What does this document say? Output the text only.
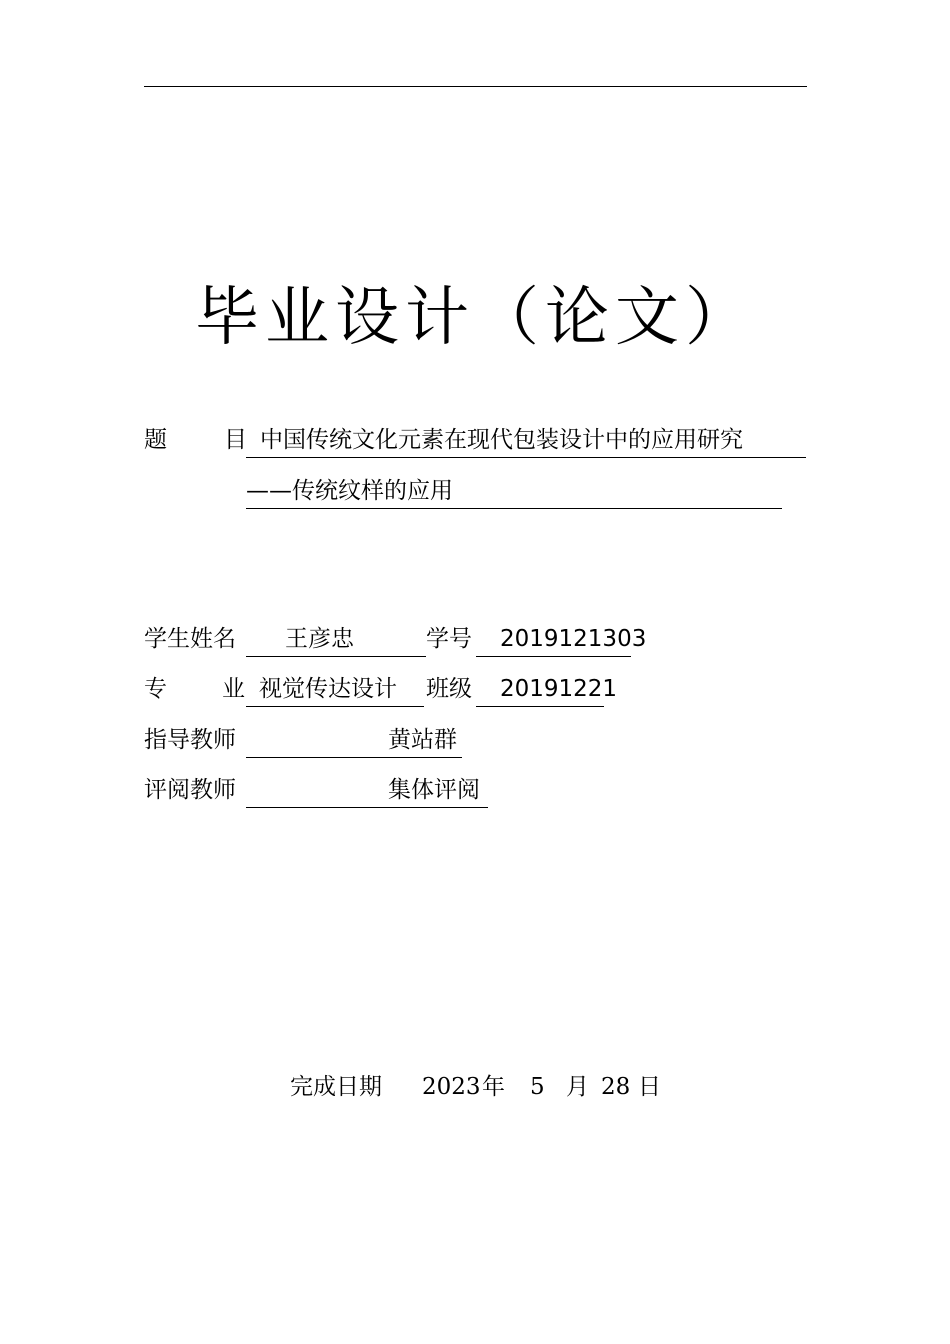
毕业设计（论文）
题 目 中国传统文化元素在现代包装设计中的应用研究
——传统纹样的应用
学生姓名 王彦忠	学号 2019121303
专 业 视觉传达设计 班级 20191221
指导教师	黄站群
评阅教师	集体评阅
完成日期 2023 年 5 月 28 日
